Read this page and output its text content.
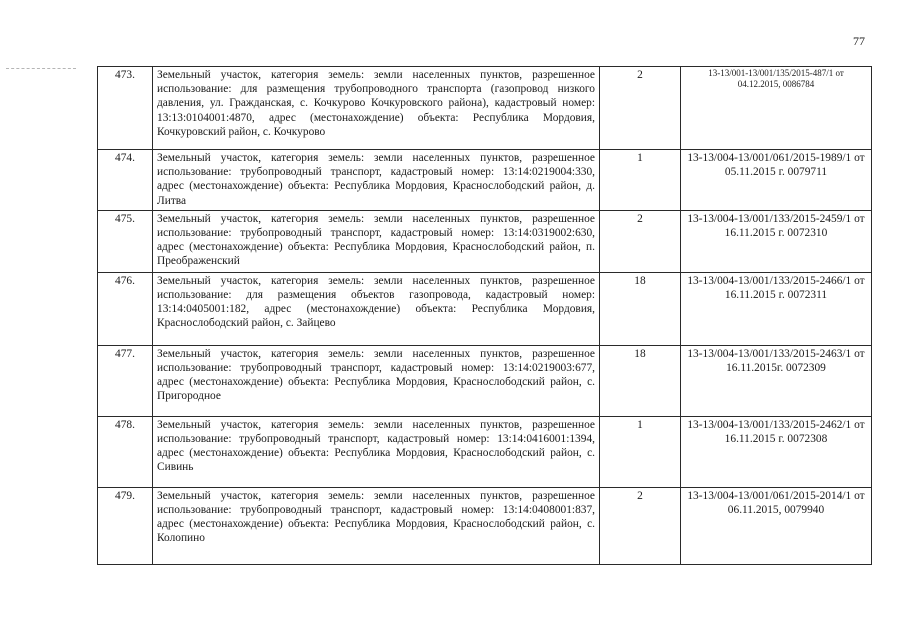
77
473.	Земельный участок, категория земель: земли населенных пунктов, разрешенное использование: для размещения трубопроводного транспорта (газопровод низкого давления, ул. Гражданская, с. Кочкурово Кочкуровского района), кадастровый номер: 13:13:0104001:4870, адрес (местонахождение) объекта: Республика Мордовия, Кочкуровский район, с. Кочкурово	2	13-13/001-13/001/135/2015-487/1 от 04.12.2015, 0086784
474.	Земельный участок, категория земель: земли населенных пунктов, разрешенное использование: трубопроводный транспорт, кадастровый номер: 13:14:0219004:330, адрес (местонахождение) объекта: Республика Мордовия, Краснослободский район, д. Литва	1	13-13/004-13/001/061/2015-1989/1 от 05.11.2015 г. 0079711
475.	Земельный участок, категория земель: земли населенных пунктов, разрешенное использование: трубопроводный транспорт, кадастровый номер: 13:14:0319002:630, адрес (местонахождение) объекта: Республика Мордовия, Краснослободский район, п. Преображенский	2	13-13/004-13/001/133/2015-2459/1 от 16.11.2015 г. 0072310
476.	Земельный участок, категория земель: земли населенных пунктов, разрешенное использование: для размещения объектов газопровода, кадастровый номер: 13:14:0405001:182, адрес (местонахождение) объекта: Республика Мордовия, Краснослободский район, с. Зайцево	18	13-13/004-13/001/133/2015-2466/1 от 16.11.2015 г. 0072311
477.	Земельный участок, категория земель: земли населенных пунктов, разрешенное использование: трубопроводный транспорт, кадастровый номер: 13:14:0219003:677, адрес (местонахождение) объекта: Республика Мордовия, Краснослободский район, с. Пригородное	18	13-13/004-13/001/133/2015-2463/1 от 16.11.2015г. 0072309
478.	Земельный участок, категория земель: земли населенных пунктов, разрешенное использование: трубопроводный транспорт, кадастровый номер: 13:14:0416001:1394, адрес (местонахождение) объекта: Республика Мордовия, Краснослободский район, с. Сивинь	1	13-13/004-13/001/133/2015-2462/1 от 16.11.2015 г. 0072308
479.	Земельный участок, категория земель: земли населенных пунктов, разрешенное использование: трубопроводный транспорт, кадастровый номер: 13:14:0408001:837, адрес (местонахождение) объекта: Республика Мордовия, Краснослободский район, с. Колопино	2	13-13/004-13/001/061/2015-2014/1 от 06.11.2015, 0079940
